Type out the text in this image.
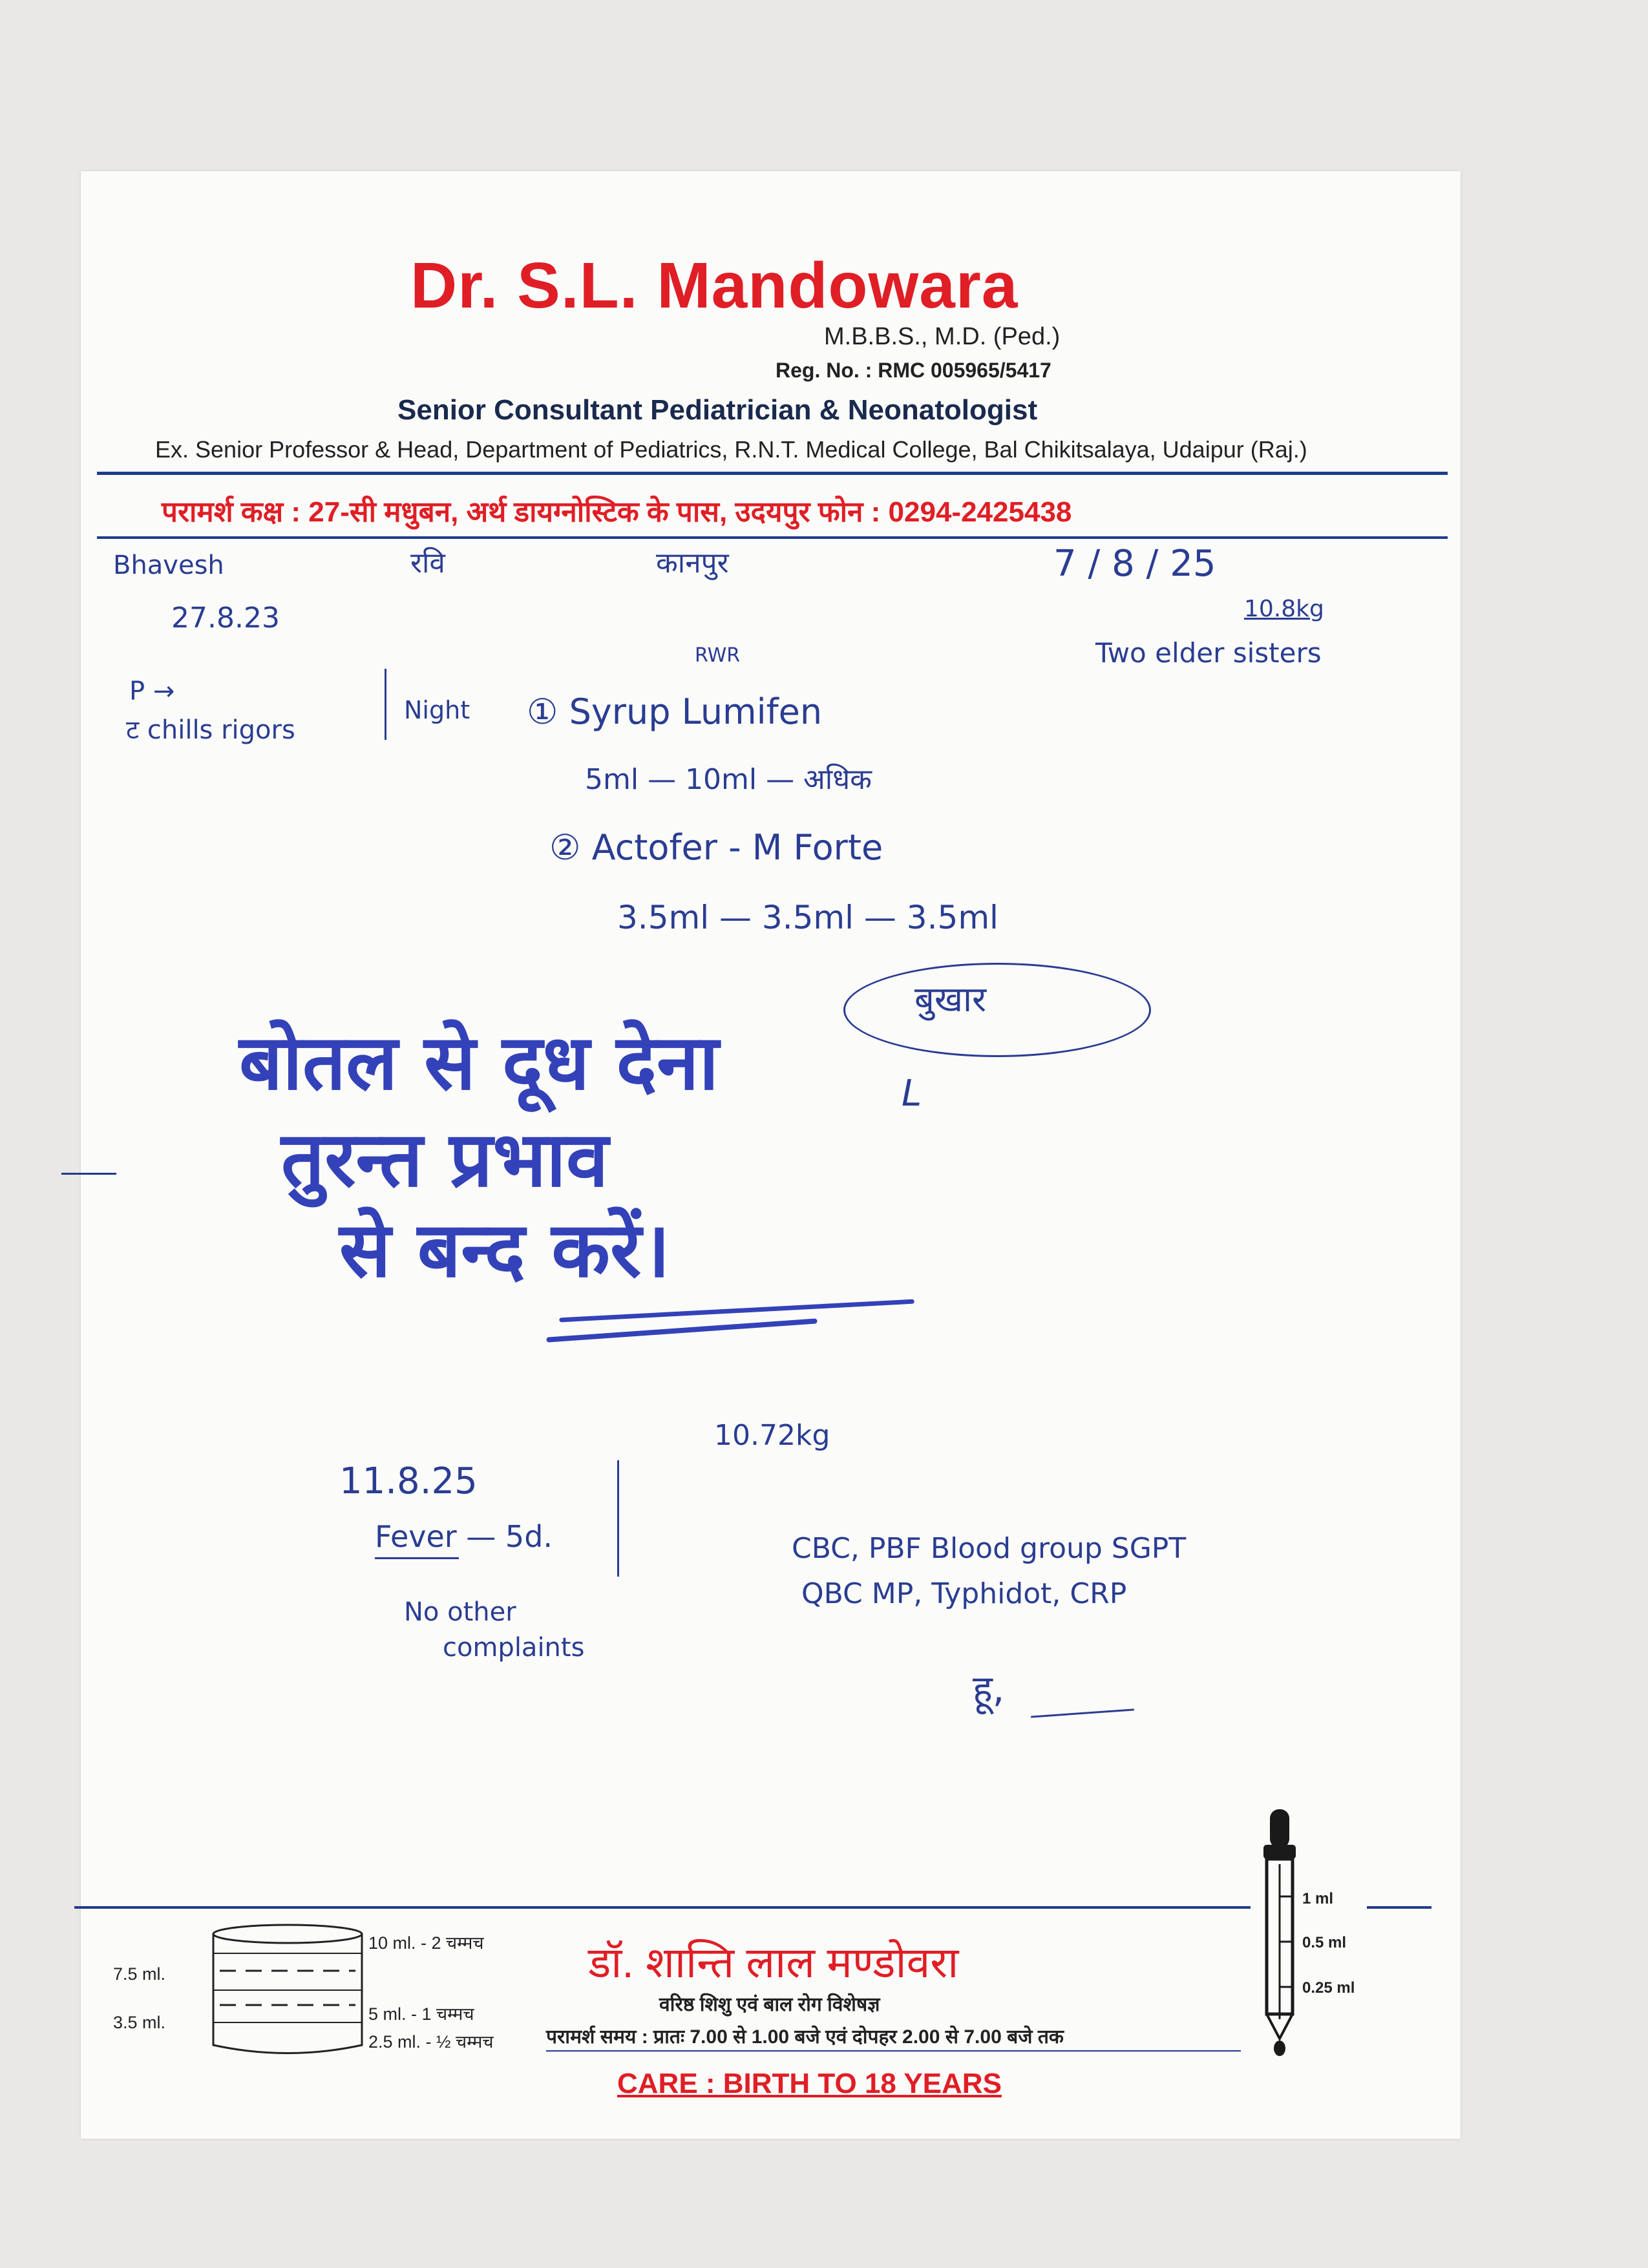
Dr. S.L. Mandowara
M.B.B.S., M.D. (Ped.)
Reg. No. : RMC 005965/5417
Senior Consultant Pediatrician & Neonatologist
Ex. Senior Professor & Head, Department of Pediatrics, R.N.T. Medical College, Bal Chikitsalaya, Udaipur (Raj.)
परामर्श कक्ष : 27-सी मधुबन, अर्थ डायग्नोस्टिक के पास, उदयपुर फोन : 0294-2425438
Bhavesh	रवि	कानपुर	7 / 8 / 25
27.8.23	10.8kg
Two elder sisters
RWR
P →
ट chills rigors
Night ① Syrup Lumifen
5ml — 10ml — अधिक
② Actofer - M Forte
3.5ml — 3.5ml — 3.5ml
बुखार
L
बोतल से दूध देना
तुरन्त प्रभाव
से बन्द करें।
11.8.25
10.72kg
Fever — 5d.
No other
complaints
CBC, PBF Blood group SGPT
QBC MP, Typhidot, CRP
हू,
10 ml. - 2 चम्मच
7.5 ml.
3.5 ml.	5 ml. - 1 चम्मच
2.5 ml. - ½ चम्मच
डॉ. शान्ति लाल मण्डोवरा
वरिष्ठ शिशु एवं बाल रोग विशेषज्ञ
परामर्श समय : प्रातः 7.00 से 1.00 बजे एवं दोपहर 2.00 से 7.00 बजे तक
CARE : BIRTH TO 18 YEARS
1 ml
0.5 ml
0.25 ml
